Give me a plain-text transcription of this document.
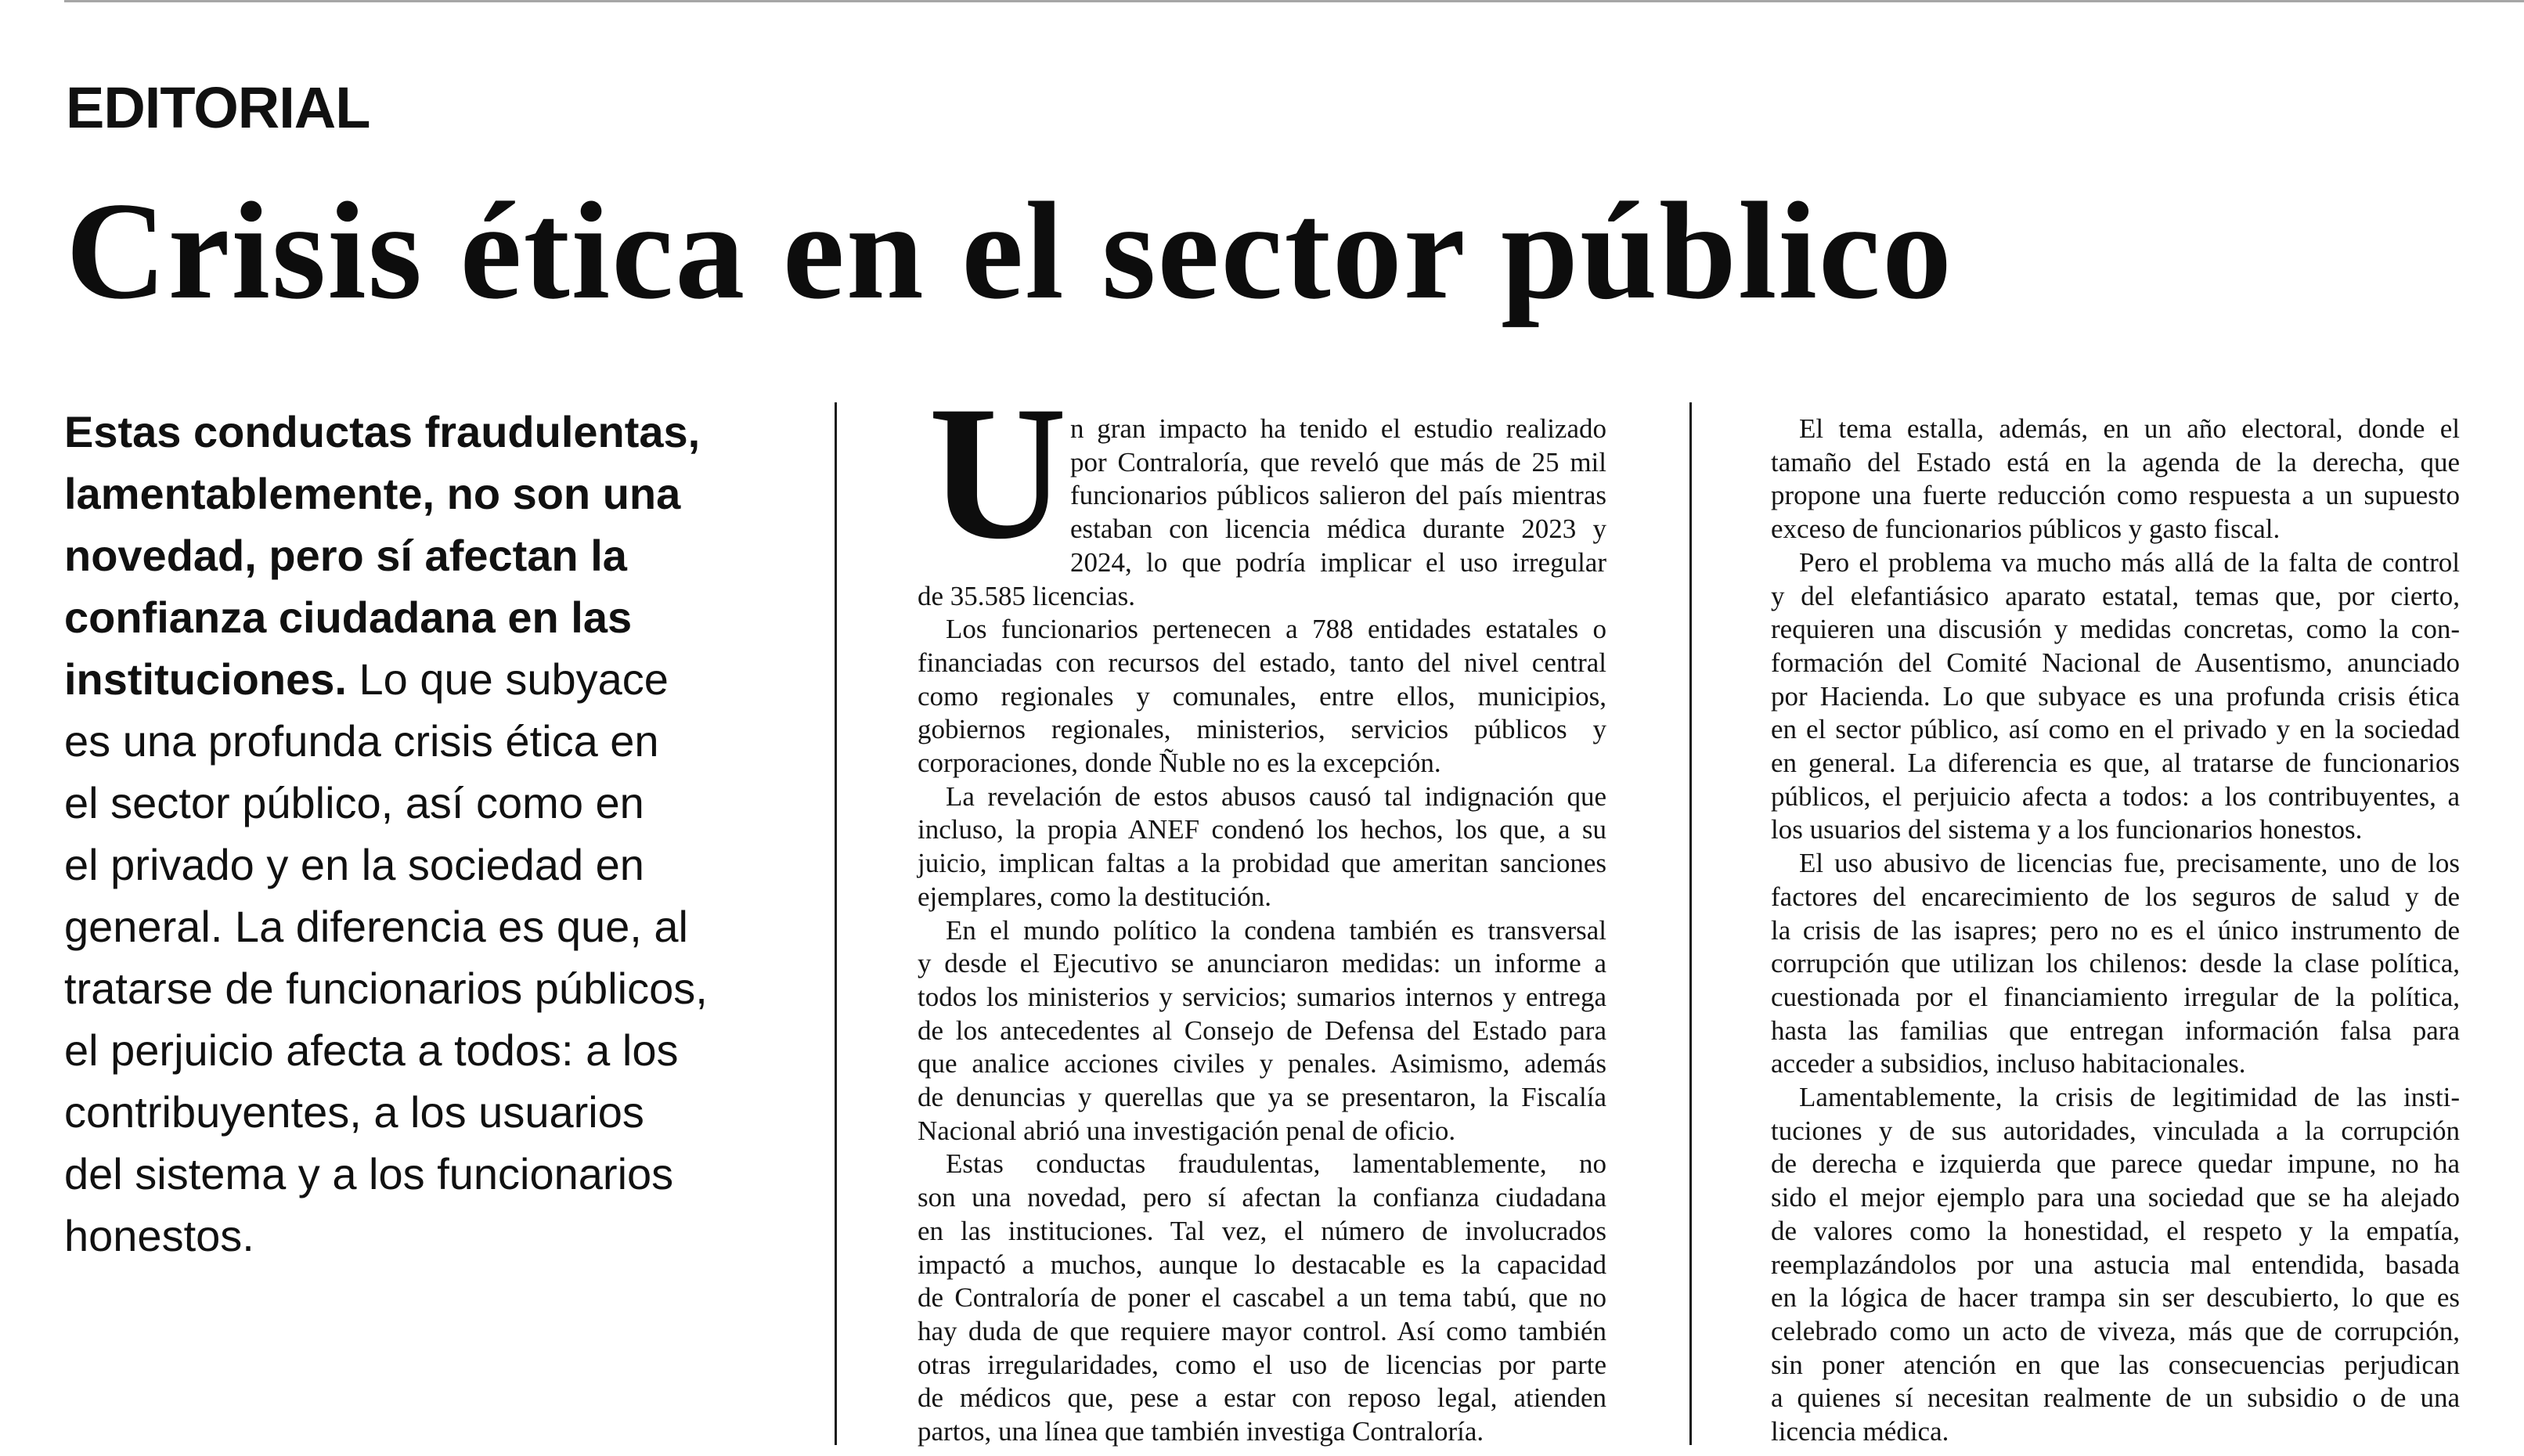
EDITORIAL
Crisis ética en el sector público
Estas conductas fraudulentas,
lamentablemente, no son una
novedad, pero sí afectan la
confianza ciudadana en las
instituciones. Lo que subyace
es una profunda crisis ética en
el sector público, así como en
el privado y en la sociedad en
general. La diferencia es que, al
tratarse de funcionarios públicos,
el perjuicio afecta a todos: a los
contribuyentes, a los usuarios
del sistema y a los funcionarios
honestos.
U n gran impacto ha tenido el estudio realizado
por Contraloría, que reveló que más de 25 mil
funcionarios públicos salieron del país mientras
estaban con licencia médica durante 2023 y
2024, lo que podría implicar el uso irregular
de 35.585 licencias.
Los funcionarios pertenecen a 788 entidades estatales o
financiadas con recursos del estado, tanto del nivel central
como regionales y comunales, entre ellos, municipios,
gobiernos regionales, ministerios, servicios públicos y
corporaciones, donde Ñuble no es la excepción.
La revelación de estos abusos causó tal indignación que
incluso, la propia ANEF condenó los hechos, los que, a su
juicio, implican faltas a la probidad que ameritan sanciones
ejemplares, como la destitución.
En el mundo político la condena también es transversal
y desde el Ejecutivo se anunciaron medidas: un informe a
todos los ministerios y servicios; sumarios internos y entrega
de los antecedentes al Consejo de Defensa del Estado para
que analice acciones civiles y penales. Asimismo, además
de denuncias y querellas que ya se presentaron, la Fiscalía
Nacional abrió una investigación penal de oficio.
Estas conductas fraudulentas, lamentablemente, no
son una novedad, pero sí afectan la confianza ciudadana
en las instituciones. Tal vez, el número de involucrados
impactó a muchos, aunque lo destacable es la capacidad
de Contraloría de poner el cascabel a un tema tabú, que no
hay duda de que requiere mayor control. Así como también
otras irregularidades, como el uso de licencias por parte
de médicos que, pese a estar con reposo legal, atienden
partos, una línea que también investiga Contraloría.
El tema estalla, además, en un año electoral, donde el
tamaño del Estado está en la agenda de la derecha, que
propone una fuerte reducción como respuesta a un supuesto
exceso de funcionarios públicos y gasto fiscal.
Pero el problema va mucho más allá de la falta de control
y del elefantiásico aparato estatal, temas que, por cierto,
requieren una discusión y medidas concretas, como la con-
formación del Comité Nacional de Ausentismo, anunciado
por Hacienda. Lo que subyace es una profunda crisis ética
en el sector público, así como en el privado y en la sociedad
en general. La diferencia es que, al tratarse de funcionarios
públicos, el perjuicio afecta a todos: a los contribuyentes, a
los usuarios del sistema y a los funcionarios honestos.
El uso abusivo de licencias fue, precisamente, uno de los
factores del encarecimiento de los seguros de salud y de
la crisis de las isapres; pero no es el único instrumento de
corrupción que utilizan los chilenos: desde la clase política,
cuestionada por el financiamiento irregular de la política,
hasta las familias que entregan información falsa para
acceder a subsidios, incluso habitacionales.
Lamentablemente, la crisis de legitimidad de las insti-
tuciones y de sus autoridades, vinculada a la corrupción
de derecha e izquierda que parece quedar impune, no ha
sido el mejor ejemplo para una sociedad que se ha alejado
de valores como la honestidad, el respeto y la empatía,
reemplazándolos por una astucia mal entendida, basada
en la lógica de hacer trampa sin ser descubierto, lo que es
celebrado como un acto de viveza, más que de corrupción,
sin poner atención en que las consecuencias perjudican
a quienes sí necesitan realmente de un subsidio o de una
licencia médica.
